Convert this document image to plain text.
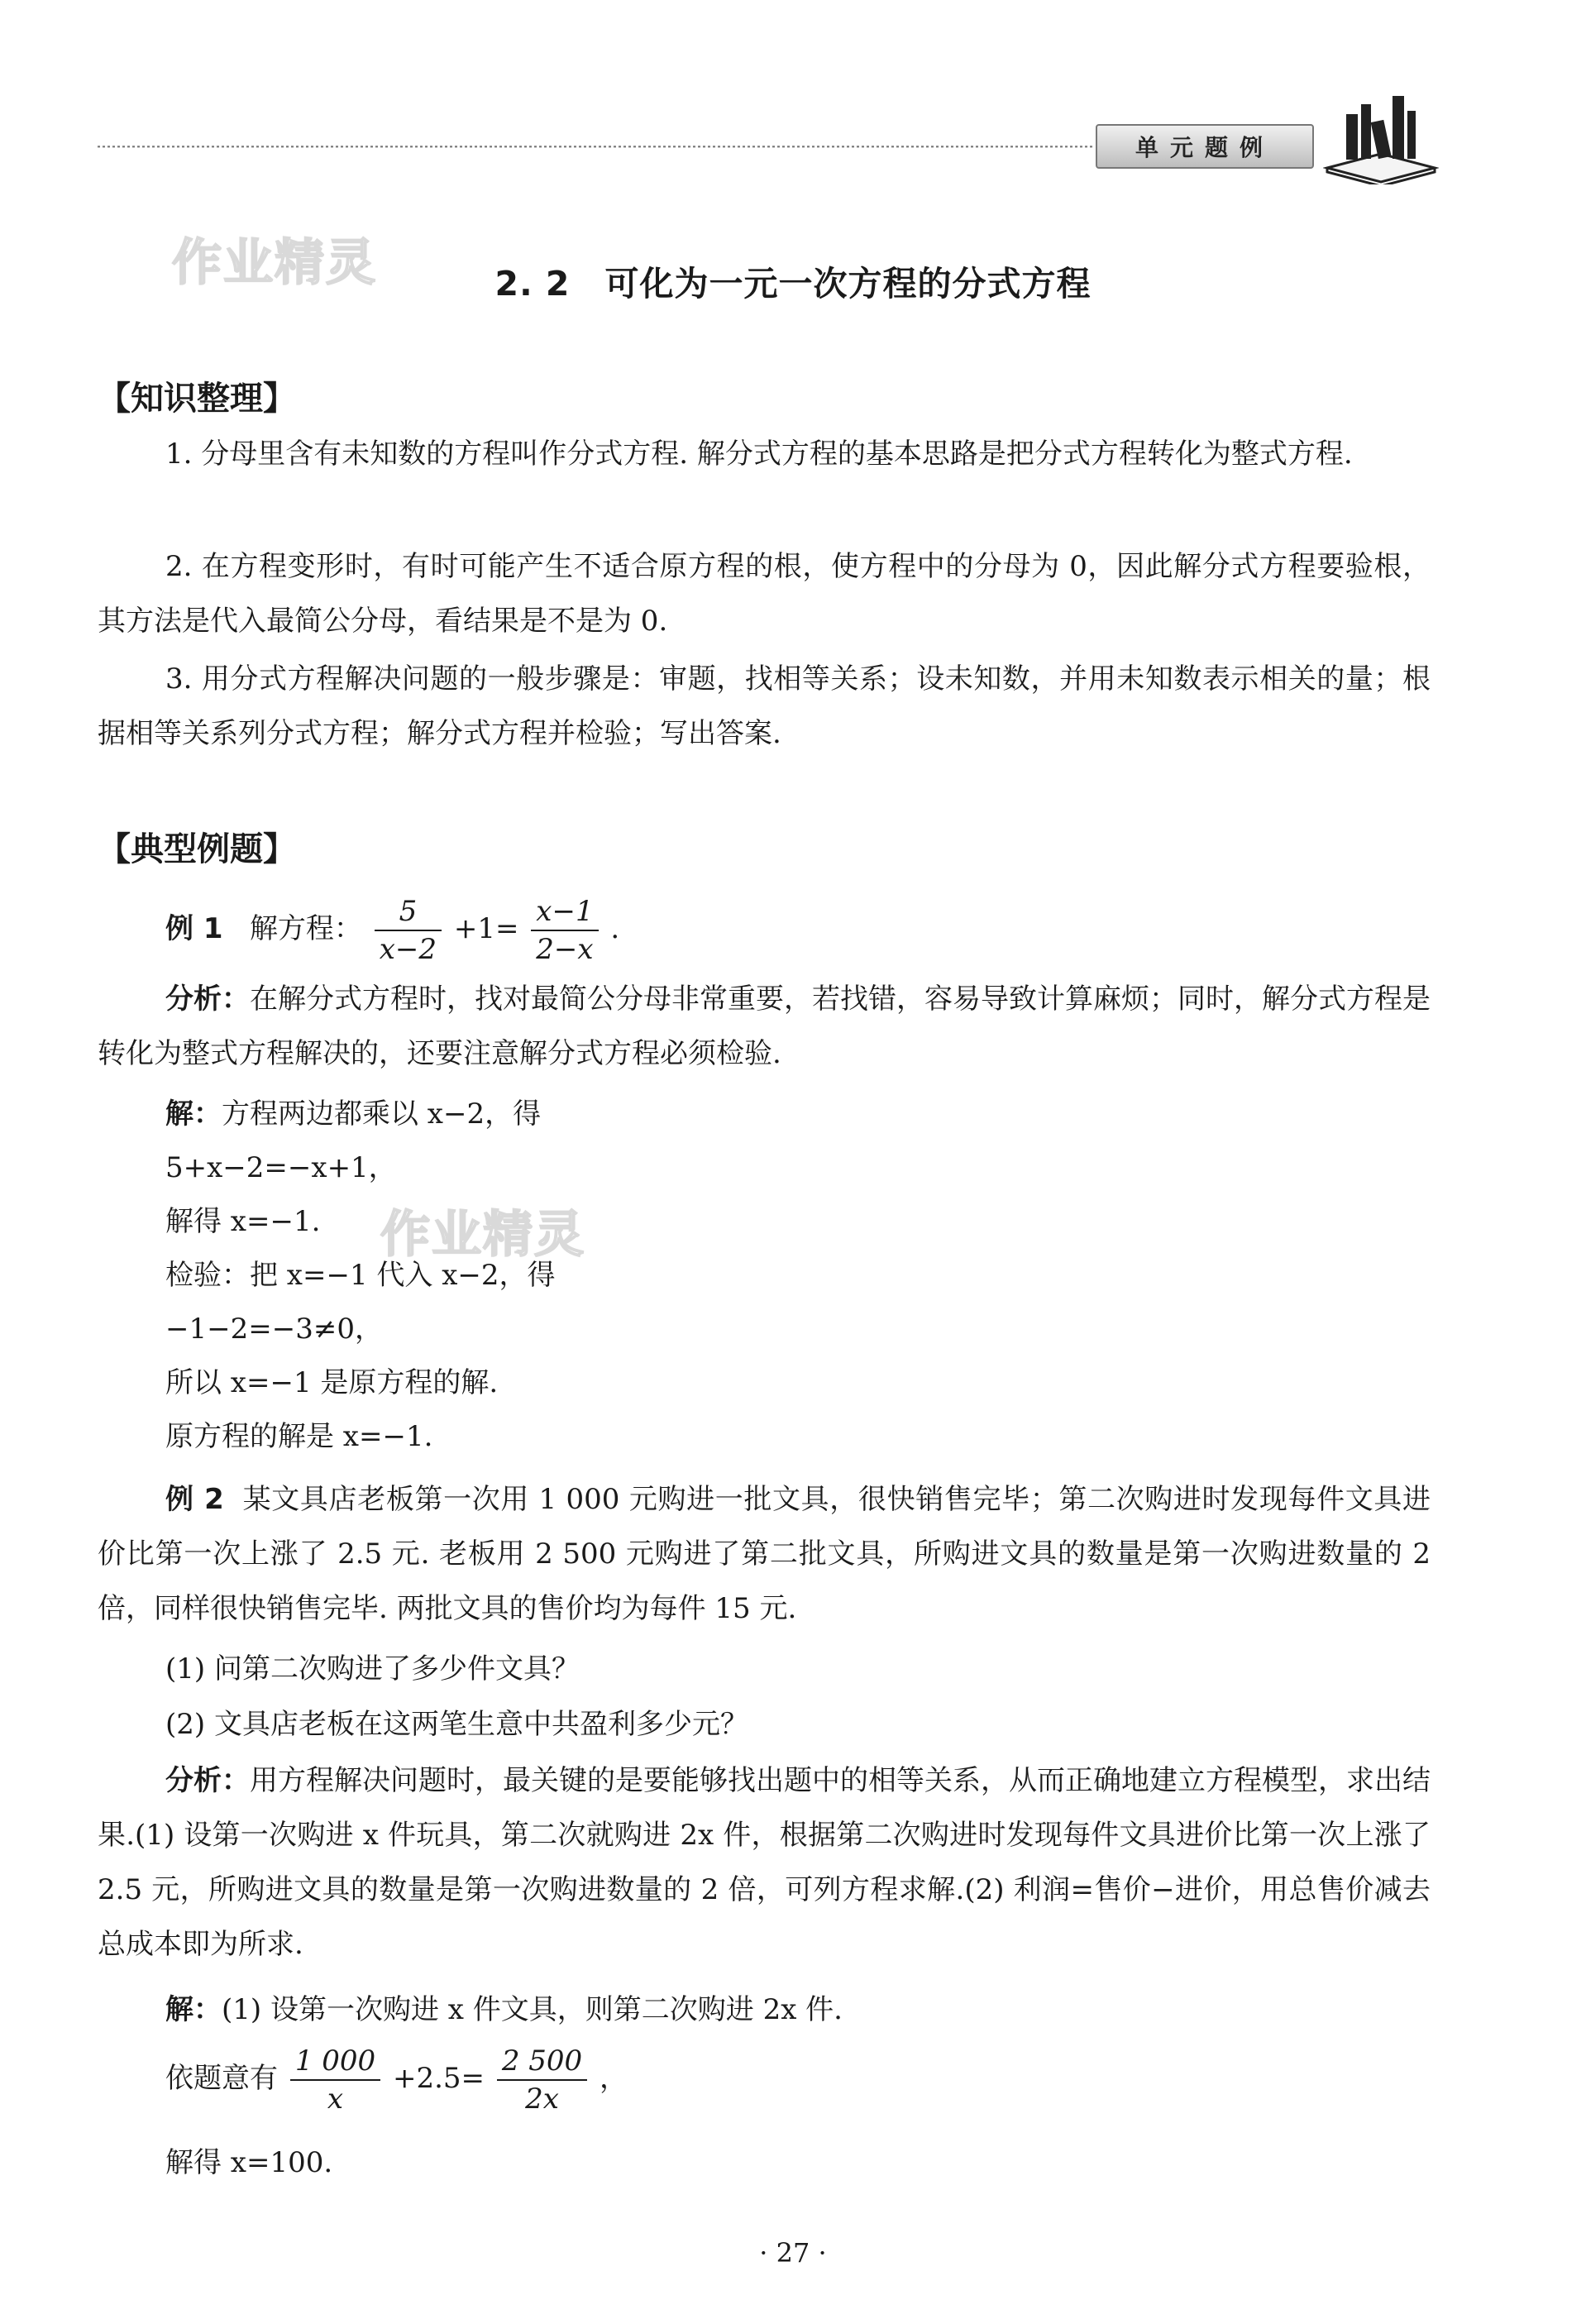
单元题例
作业精灵	2. 2　可化为一元一次方程的分式方程
【知识整理】

1. 分母里含有未知数的方程叫作分式方程. 解分式方程的基本思路是把分式方程转化为整式方程.

2. 在方程变形时，有时可能产生不适合原方程的根，使方程中的分母为 0，因此解分式方程要验根，其方法是代入最简公分母，看结果是不是为 0.

3. 用分式方程解决问题的一般步骤是：审题，找相等关系；设未知数，并用未知数表示相关的量；根据相等关系列分式方程；解分式方程并检验；写出答案.

【典型例题】
例 1 解方程： $\frac{5}{x-2} +1= \frac{x-1}{2-x}$ .

分析：在解分式方程时，找对最简公分母非常重要，若找错，容易导致计算麻烦；同时，解分式方程是转化为整式方程解决的，还要注意解分式方程必须检验.

解：方程两边都乘以 x−2，得
5+x−2=−x+1，
解得 x=−1.
检验：把 x=−1 代入 x−2，得
−1−2=−3≠0，
所以 x=−1 是原方程的解.
原方程的解是 x=−1.
作业精灵

例 2 某文具店老板第一次用 1 000 元购进一批文具，很快销售完毕；第二次购进时发现每件文具进价比第一次上涨了 2.5 元. 老板用 2 500 元购进了第二批文具，所购进文具的数量是第一次购进数量的 2 倍，同样很快销售完毕. 两批文具的售价均为每件 15 元.

(1) 问第二次购进了多少件文具？
(2) 文具店老板在这两笔生意中共盈利多少元？

分析：用方程解决问题时，最关键的是要能够找出题中的相等关系，从而正确地建立方程模型，求出结果.(1) 设第一次购进 x 件玩具，第二次就购进 2x 件，根据第二次购进时发现每件文具进价比第一次上涨了 2.5 元，所购进文具的数量是第一次购进数量的 2 倍，可列方程求解.(2) 利润=售价−进价，用总售价减去总成本即为所求.

解：(1) 设第一次购进 x 件文具，则第二次购进 2x 件.
依题意有 $\frac{1 000}{x} +2.5= \frac{2 500}{2x}$ ，
解得 x=100.
· 27 ·
